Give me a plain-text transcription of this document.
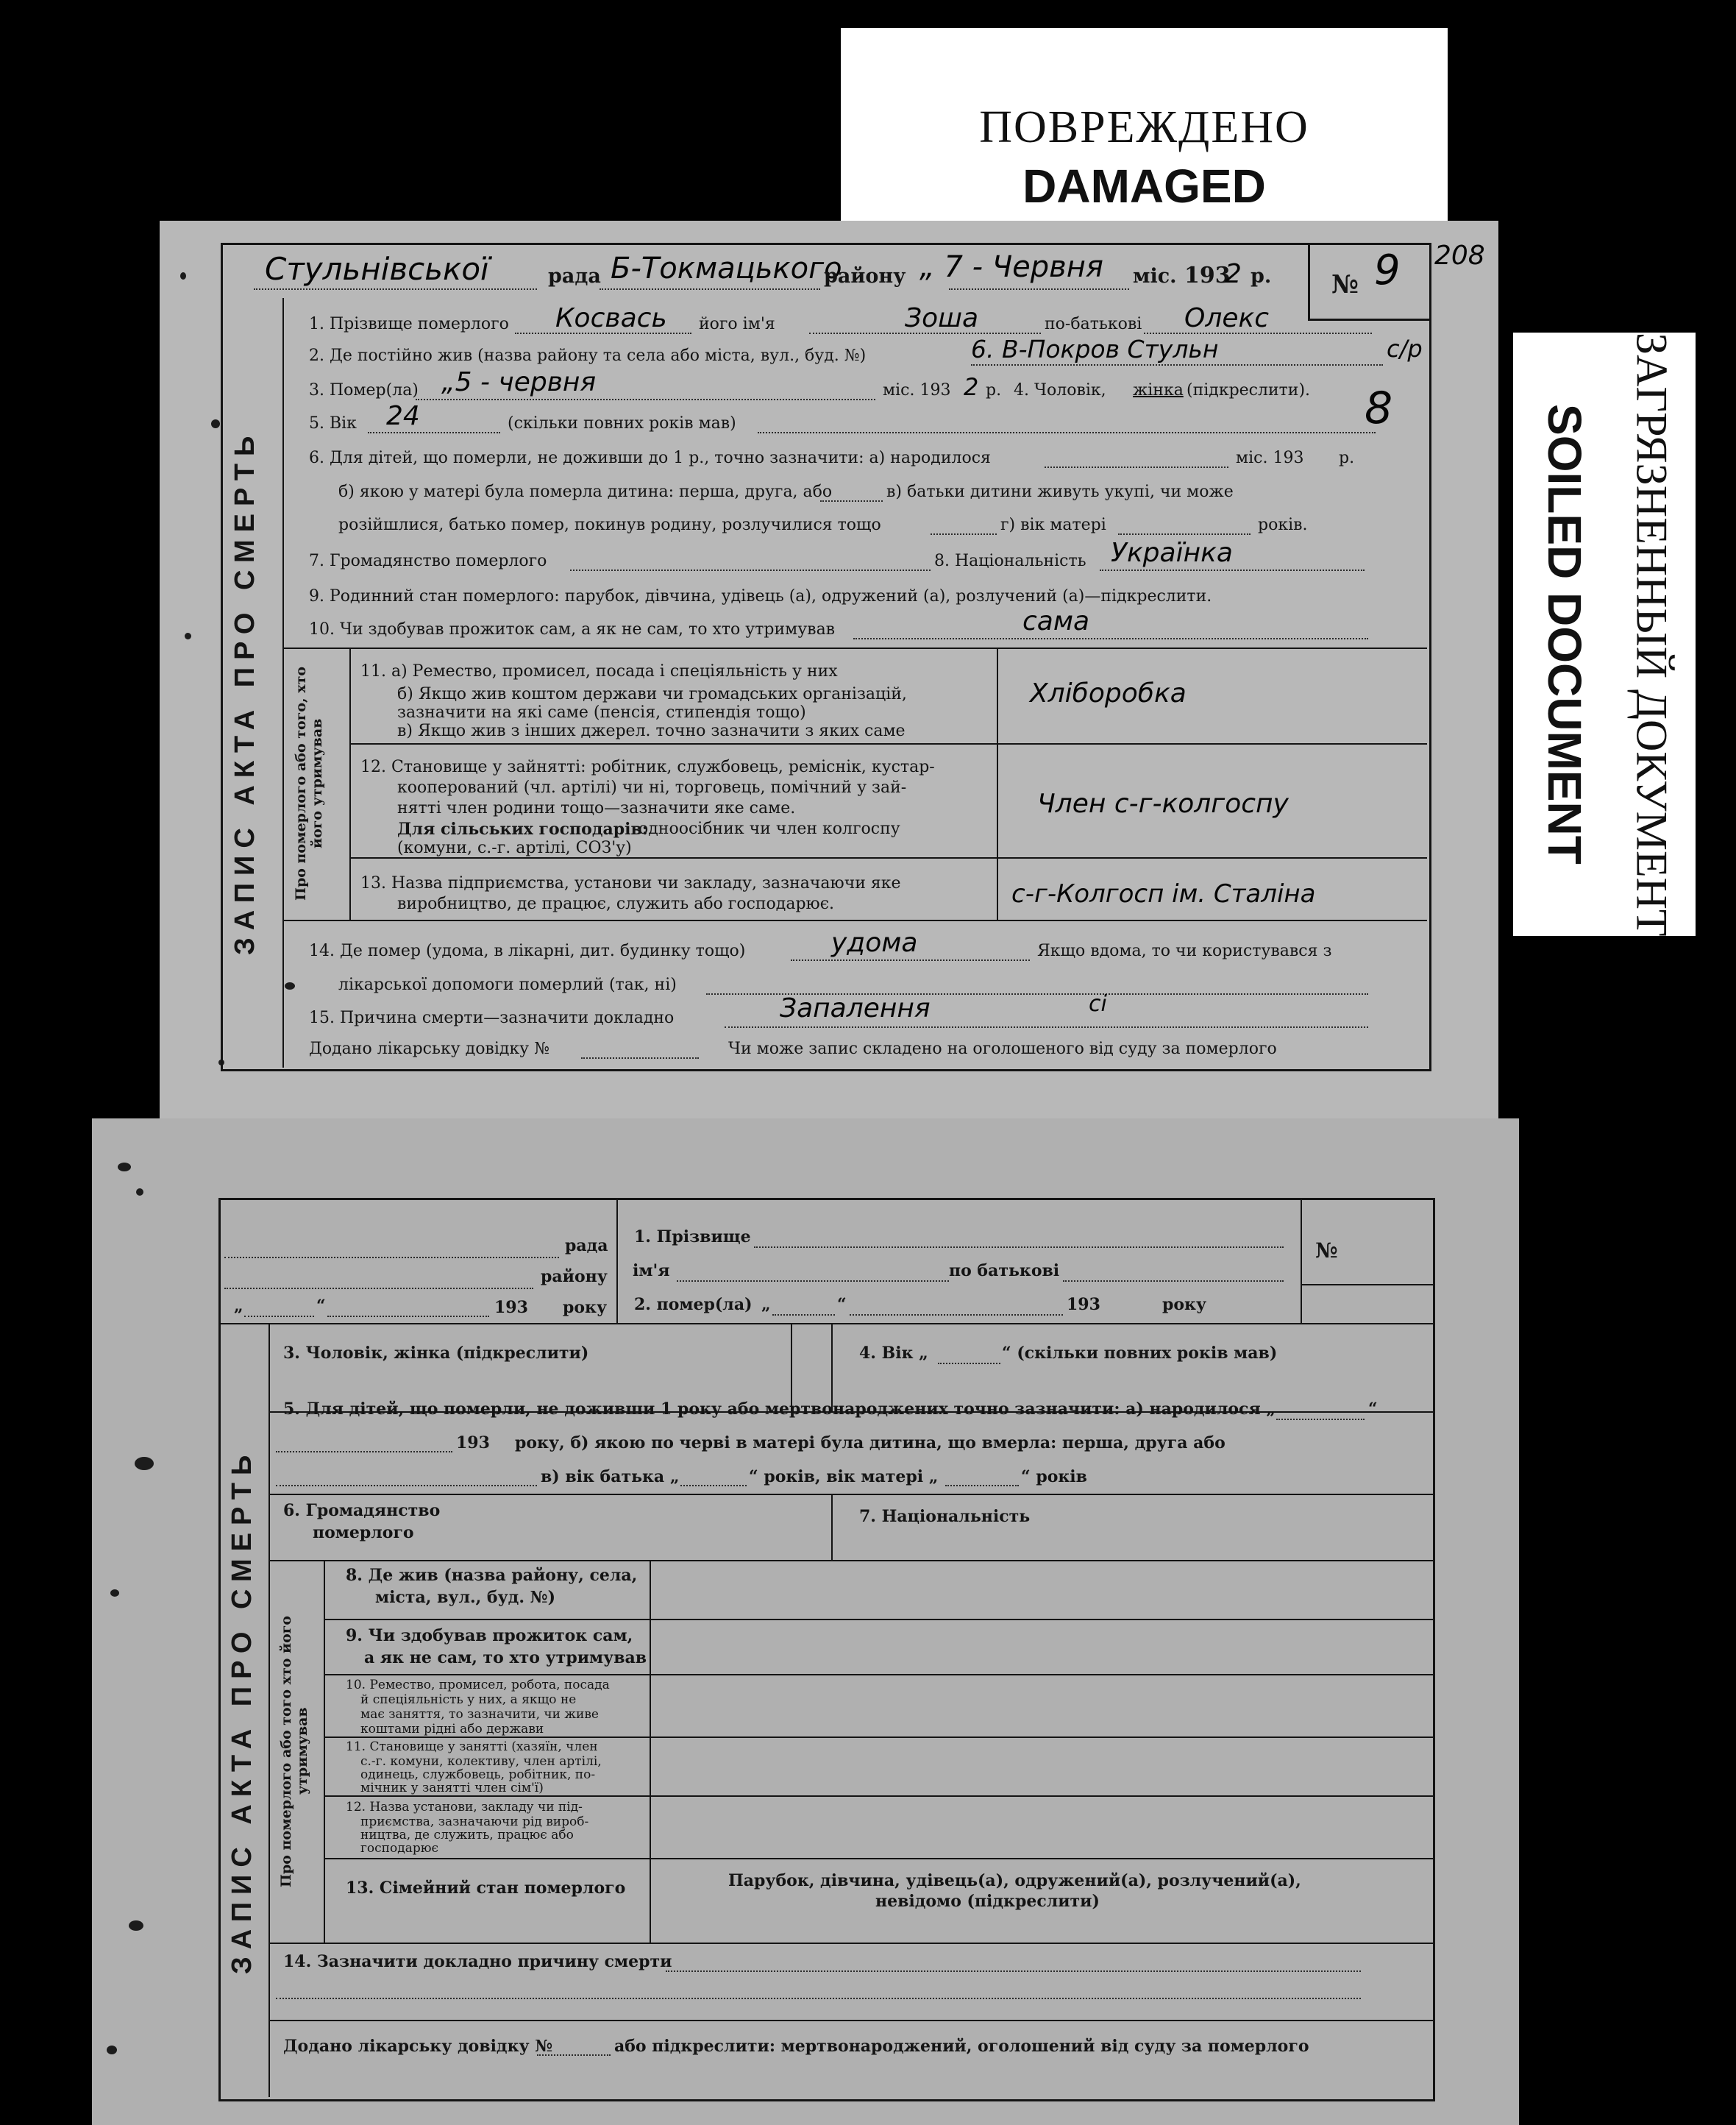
ПОВРЕЖДЕНО
DAMAGED
ЗАПИС АКТА ПРО СМЕРТЬ
Стульнівської	рада Б-Токмацького
району „ 7 - Червня міс. 193
2 р. № 9 208
1. Прізвище померлого Косвась його ім'я	Зоша	по-батькові Олекс
2. Де постійно жив (назва району та села або міста, вул., буд. №)	6. В-Покров Стульн	с/р
3. Помер(ла) „5 - червня	міс. 193 2 р. 4. Чоловік, жінка (підкреслити).
5. Вік 24	(скільки повних років мав)	8
6. Для дітей, що померли, не доживши до 1 р., точно зазначити: а) народилося	міс. 193 р.
б) якою у матері була померла дитина: перша, друга, або	в) батьки дитини живуть укупі, чи може
розійшлися, батько помер, покинув родину, розлучилися тощо	г) вік матері	років.
7. Громадянство померлого	8. Національність Українка
9. Родинний стан померлого: парубок, дівчина, удівець (а), одружений (а), розлучений (а)—підкреслити.
10. Чи здобував прожиток сам, а як не сам, то хто утримував	сама
Про померлого або того, хто його утримував
11. а) Ремество, промисел, посада і спеціяльність у них
б) Якщо жив коштом держави чи громадських організацій,
зазначити на які саме (пенсія, стипендія тощо)
в) Якщо жив з інших джерел. точно зазначити з яких саме
Хліборобка
12. Становище у зайнятті: робітник, службовець, реміснік, кустар-
кооперований (чл. артілі) чи ні, торговець, помічний у зай-
нятті член родини тощо—зазначити яке саме.
Для сільських господарів:
одноосібник чи член колгоспу
(комуни, с.-г. артілі, СОЗ'у)
Член с-г-колгоспу
13. Назва підприємства, установи чи закладу, зазначаючи яке
виробництво, де працює, служить або господарює.	с-г-Колгосп ім. Сталіна
14. Де помер (удома, в лікарні, дит. будинку тощо)	удома	Якщо вдома, то чи користувався з
лікарської допомоги померлий (так, ні)
15. Причина смерти—зазначити докладно	Запалення	сі
Додано лікарську довідку №	Чи може запис складено на оголошеного від суду за померлого
рада
району
„	“	193 року
1. Прізвище
ім'я	по батькові
2. помер(ла) „	“	193	року
№
ЗАПИС АКТА ПРО СМЕРТЬ
3. Чоловік, жінка (підкреслити)	4. Вік „	“ (скільки повних років мав)
5. Для дітей, що померли, не доживши 1 року або мертвонароджених точно зазначити: а) народилося „	“
193 року, б) якою по черві в матері була дитина, що вмерла: перша, друга або
в) вік батька „	“ років, вік матері „	“ років
6. Громадянство
померлого
7. Національність
Про померлого або того хто його утримував
8. Де жив (назва району, села,
міста, вул., буд. №)
9. Чи здобував прожиток сам,
а як не сам, то хто утримував
10. Ремество, промисел, робота, посада
й спеціяльність у них, а якщо не
має заняття, то зазначити, чи живе
коштами рідні або держави
11. Становище у занятті (хазяїн, член
с.-г. комуни, колективу, член артілі,
одинець, службовець, робітник, по-
мічник у занятті член сім'ї)
12. Назва установи, закладу чи під-
приємства, зазначаючи рід вироб-
ництва, де служить, працює або
господарює
13. Сімейний стан померлого	Парубок, дівчина, удівець(а), одружений(а), розлучений(а),
невідомо (підкреслити)
14. Зазначити докладно причину смерти
Додано лікарську довідку №	або підкреслити: мертвонароджений, оголошений від суду за померлого
ЗАГРЯЗНЕННЫЙ ДОКУМЕНТ
SOILED DOCUMENT
